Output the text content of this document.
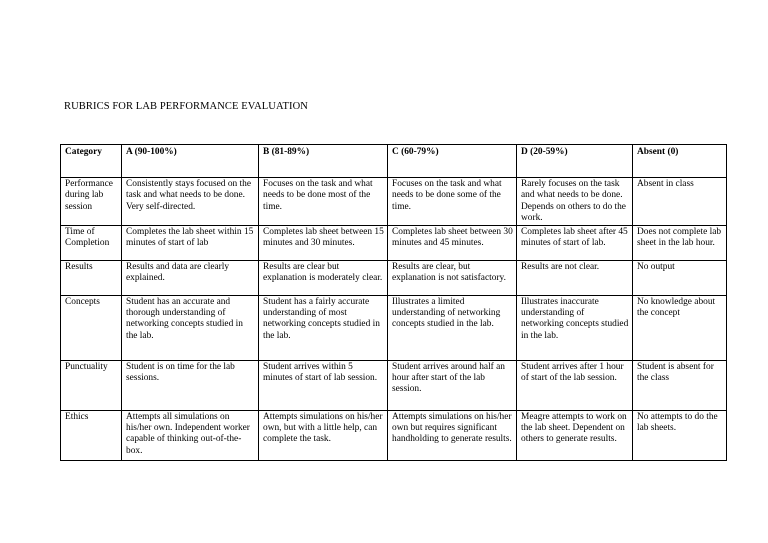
RUBRICS FOR LAB PERFORMANCE EVALUATION
Category	A (90-100%)	B (81-89%)	C (60-79%)	D (20-59%)	Absent (0)
Performance during lab session	Consistently stays focused on the task and what needs to be done. Very self-directed.	Focuses on the task and what needs to be done most of the time.	Focuses on the task and what needs to be done some of the time.	Rarely focuses on the task and what needs to be done. Depends on others to do the work.	Absent in class
Time of Completion	Completes the lab sheet within 15 minutes of start of lab	Completes lab sheet between 15 minutes and 30 minutes.	Completes lab sheet between 30 minutes and 45 minutes.	Completes lab sheet after 45 minutes of start of lab.	Does not complete lab sheet in the lab hour.
Results	Results and data are clearly explained.	Results are clear but explanation is moderately clear.	Results are clear, but explanation is not satisfactory.	Results are not clear.	No output
Concepts	Student has an accurate and thorough understanding of networking concepts studied in the lab.	Student has a fairly accurate understanding of most networking concepts studied in the lab.	Illustrates a limited understanding of networking concepts studied in the lab.	Illustrates inaccurate understanding of networking concepts studied in the lab.	No knowledge about the concept
Punctuality	Student is on time for the lab sessions.	Student arrives within 5 minutes of start of lab session.	Student arrives around half an hour after start of the lab session.	Student arrives after 1 hour of start of the lab session.	Student is absent for the class
Ethics	Attempts all simulations on his/her own. Independent worker capable of thinking out-of-the-box.	Attempts simulations on his/her own, but with a little help, can complete the task.	Attempts simulations on his/her own but requires significant handholding to generate results.	Meagre attempts to work on the lab sheet. Dependent on others to generate results.	No attempts to do the lab sheets.
